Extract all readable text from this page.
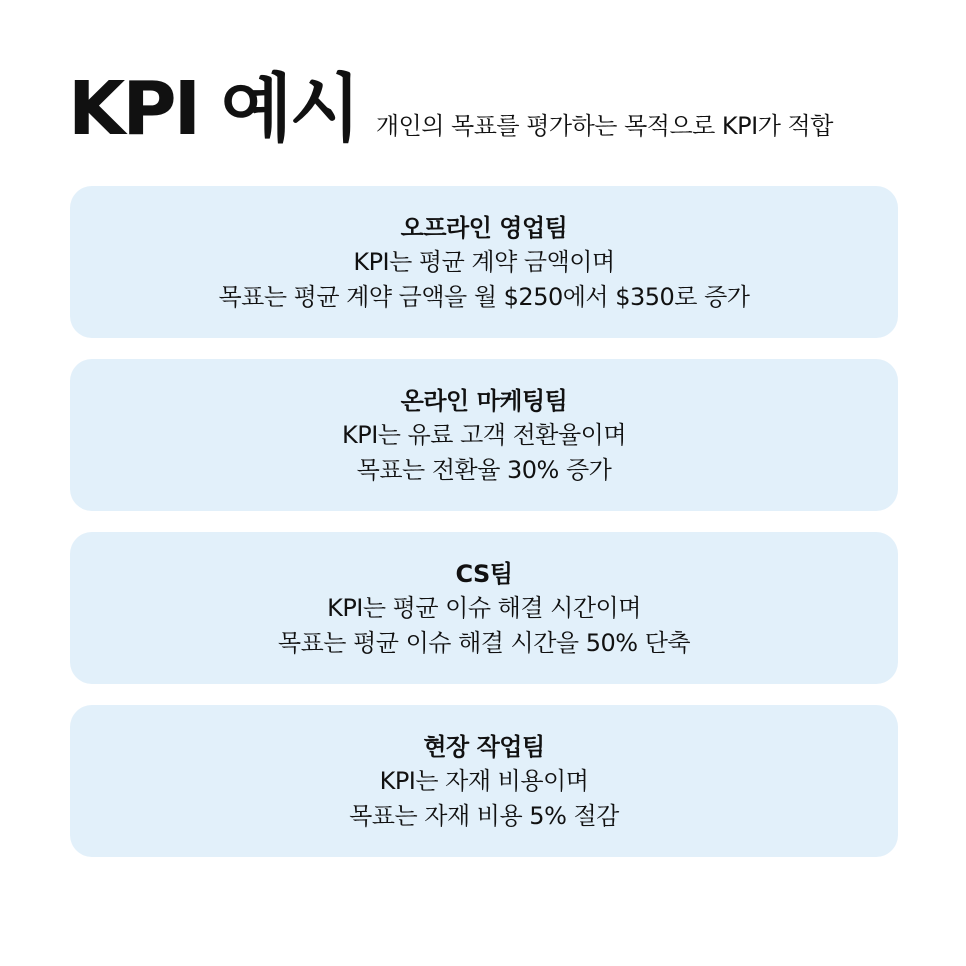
KPI 예시 개인의 목표를 평가하는 목적으로 KPI가 적합
오프라인 영업팀
KPI는 평균 계약 금액이며
목표는 평균 계약 금액을 월 $250에서 $350로 증가
온라인 마케팅팀
KPI는 유료 고객 전환율이며
목표는 전환율 30% 증가
CS팀
KPI는 평균 이슈 해결 시간이며
목표는 평균 이슈 해결 시간을 50% 단축
현장 작업팀
KPI는 자재 비용이며
목표는 자재 비용 5% 절감
